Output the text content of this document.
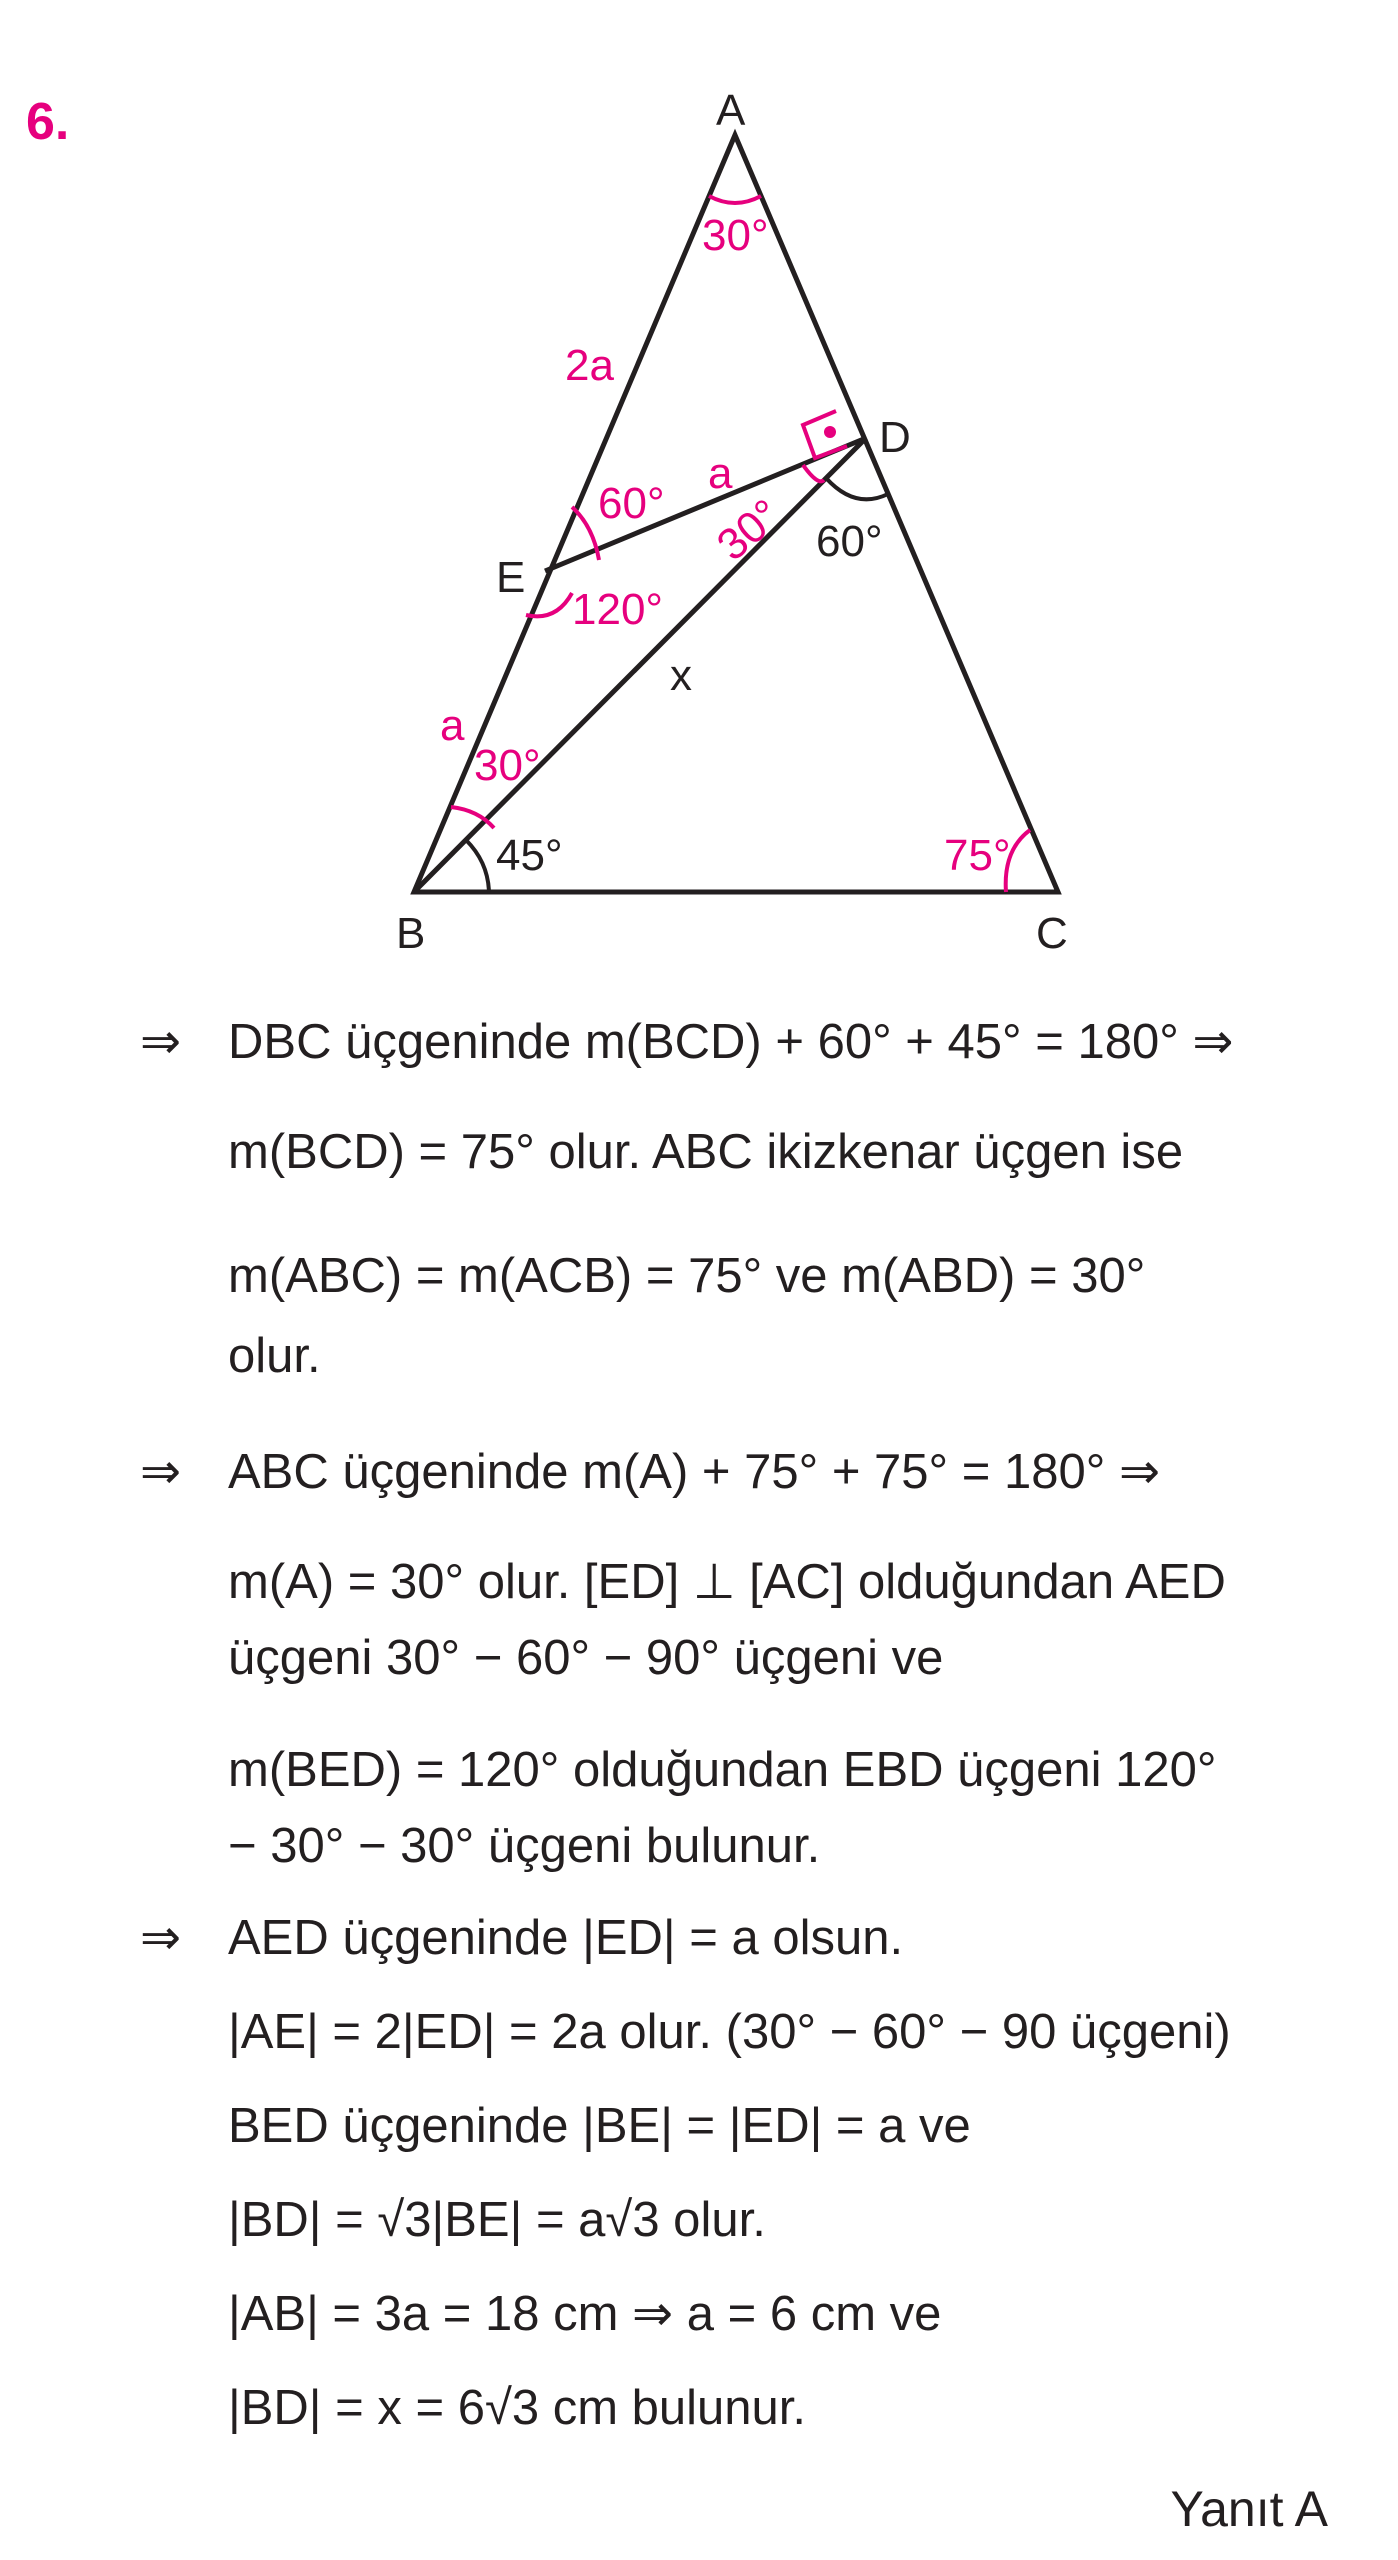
6.	A
B	C
D
E
2a
a
a
x
30°
60°
120°
30° 60°
30°
45°	75°
⇒ DBC üçgeninde m(BCD) + 60° + 45° = 180° ⇒
m(BCD) = 75° olur. ABC ikizkenar üçgen ise
m(ABC) = m(ACB) = 75° ve m(ABD) = 30°
olur.
⇒ ABC üçgeninde m(A) + 75° + 75° = 180° ⇒
m(A) = 30° olur. [ED] ⊥ [AC] olduğundan AED
üçgeni 30° − 60° − 90° üçgeni ve
m(BED) = 120° olduğundan EBD üçgeni 120°
− 30° − 30° üçgeni bulunur.
⇒ AED üçgeninde |ED| = a olsun.
|AE| = 2|ED| = 2a olur. (30° − 60° − 90 üçgeni)
BED üçgeninde |BE| = |ED| = a ve
|BD| = √3|BE| = a√3 olur.
|AB| = 3a = 18 cm ⇒ a = 6 cm ve
|BD| = x = 6√3 cm bulunur.
Yanıt A
